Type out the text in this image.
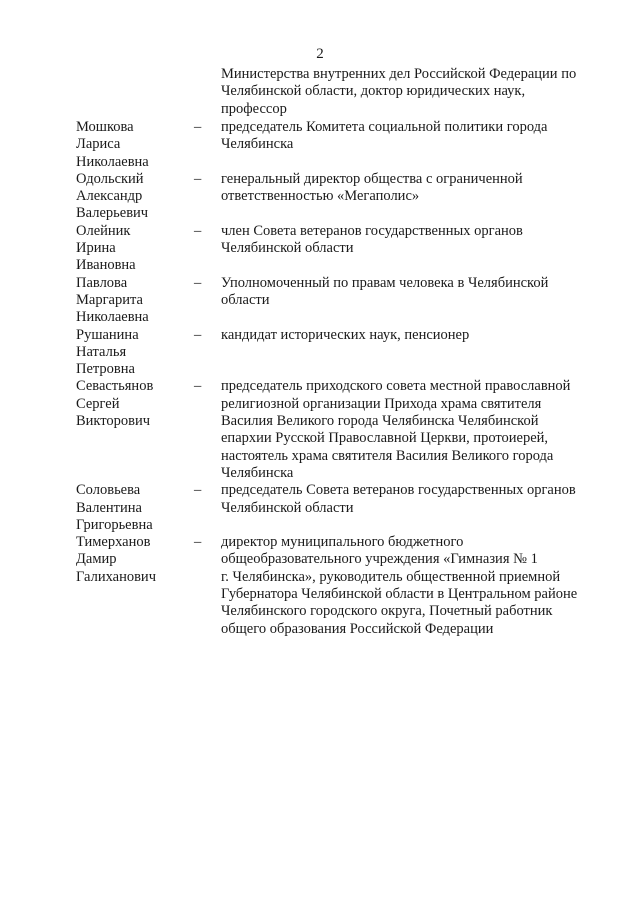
2
Министерства внутренних дел Российской Федерации по
Челябинской области, доктор юридических наук,
профессор
Мошкова
Лариса
Николаевна
–	председатель Комитета социальной политики города
Челябинска
Одольский
Александр
Валерьевич
–	генеральный директор общества с ограниченной
ответственностью «Мегаполис»
Олейник
Ирина
Ивановна
–	член Совета ветеранов государственных органов
Челябинской области
Павлова
Маргарита
Николаевна
–	Уполномоченный по правам человека в Челябинской
области
Рушанина
Наталья
Петровна
–	кандидат исторических наук, пенсионер
Севастьянов
Сергей
Викторович
–	председатель приходского совета местной православной
религиозной организации Прихода храма святителя
Василия Великого города Челябинска Челябинской
епархии Русской Православной Церкви, протоиерей,
настоятель храма святителя Василия Великого города
Челябинска
Соловьева
Валентина
Григорьевна
–	председатель Совета ветеранов государственных органов
Челябинской области
Тимерханов
Дамир
Галиханович
–	директор муниципального бюджетного
общеобразовательного учреждения «Гимназия № 1
г. Челябинска», руководитель общественной приемной
Губернатора Челябинской области в Центральном районе
Челябинского городского округа, Почетный работник
общего образования Российской Федерации
